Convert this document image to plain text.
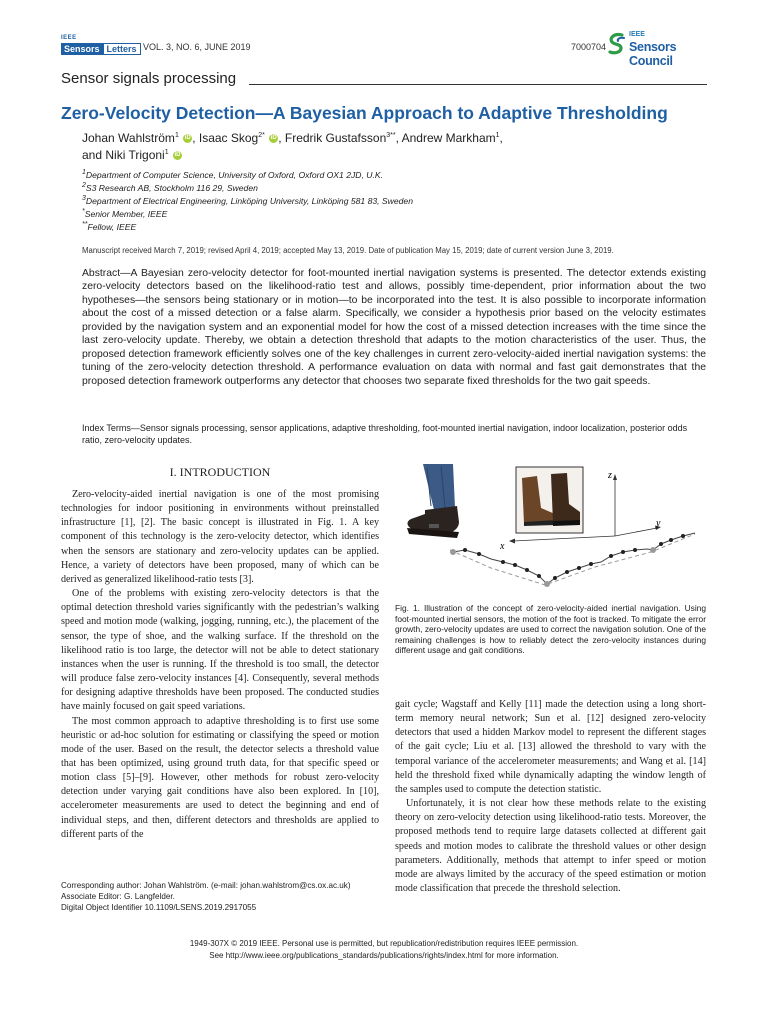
IEEE
Sensors Letters VOL. 3, NO. 6, JUNE 2019	7000704
IEEE
Sensors Council
Sensor signals processing
Zero-Velocity Detection—A Bayesian Approach to Adaptive Thresholding
Johan Wahlström$^1$ iD , Isaac Skog$^{2*}$ iD , Fredrik Gustafsson$^{3**}$, Andrew Markham$^1$,
and Niki Trigoni$^1$ iD
$^1$Department of Computer Science, University of Oxford, Oxford OX1 2JD, U.K.
$^2$S3 Research AB, Stockholm 116 29, Sweden
$^3$Department of Electrical Engineering, Linköping University, Linköping 581 83, Sweden
*Senior Member, IEEE
**Fellow, IEEE
Manuscript received March 7, 2019; revised April 4, 2019; accepted May 13, 2019. Date of publication May 15, 2019; date of current version June 3, 2019.
Abstract—A Bayesian zero-velocity detector for foot-mounted inertial navigation systems is presented. The detector extends existing zero-velocity detectors based on the likelihood-ratio test and allows, possibly time-dependent, prior information about the two hypotheses—the sensors being stationary or in motion—to be incorporated into the test. It is also possible to incorporate information about the cost of a missed detection or a false alarm. Specifically, we consider a hypothesis prior based on the velocity estimates provided by the navigation system and an exponential model for how the cost of a missed detection increases with the time since the last zero-velocity update. Thereby, we obtain a detection threshold that adapts to the motion characteristics of the user. Thus, the proposed detection framework efficiently solves one of the key challenges in current zero-velocity-aided inertial navigation systems: the tuning of the zero-velocity detection threshold. A performance evaluation on data with normal and fast gait demonstrates that the proposed detection framework outperforms any detector that chooses two separate fixed thresholds for the two gait speeds.
Index Terms—Sensor signals processing, sensor applications, adaptive thresholding, foot-mounted inertial navigation, indoor localization, posterior odds ratio, zero-velocity updates.
I. INTRODUCTION

Zero-velocity-aided inertial navigation is one of the most promising technologies for indoor positioning in environments without preinstalled infrastructure [1], [2]. The basic concept is illustrated in Fig. 1. A key component of this technology is the zero-velocity detector, which identifies when the sensors are stationary and zero-velocity updates can be applied. Hence, a variety of detectors have been proposed, many of which can be derived as generalized likelihood-ratio tests [3].

One of the problems with existing zero-velocity detectors is that the optimal detection threshold varies significantly with the pedestrian’s walking speed and motion mode (walking, jogging, running, etc.), the placement of the sensor, the type of shoe, and the walking surface. If the threshold on the likelihood ratio is too large, the detector will not be able to detect stationary instances when the user is running. If the threshold is too small, the detector will produce false zero-velocity instances [4]. Consequently, several methods for designing adaptive thresholds have been proposed. The conducted studies have mainly focused on gait speed variations.

The most common approach to adaptive thresholding is to first use some heuristic or ad-hoc solution for estimating or classifying the speed or motion mode of the user. Based on the result, the detector selects a threshold value that has been optimized, using ground truth data, for that specific speed or motion class [5]–[9]. However, other methods for robust zero-velocity detection under varying gait conditions have also been explored. In [10], accelerometer measurements are used to detect the beginning and end of individual steps, and then, different detectors and thresholds are applied to different parts of the

Corresponding author: Johan Wahlström. (e-mail: johan.wahlstrom@cs.ox.ac.uk)
Associate Editor: G. Langfelder.
Digital Object Identifier 10.1109/LSENS.2019.2917055
z
y
x
Fig. 1. Illustration of the concept of zero-velocity-aided inertial navigation. Using foot-mounted inertial sensors, the motion of the foot is tracked. To mitigate the error growth, zero-velocity updates are used to correct the navigation solution. One of the remaining challenges is how to reliably detect the zero-velocity instances during different usage and gait conditions.

gait cycle; Wagstaff and Kelly [11] made the detection using a long short-term memory neural network; Sun et al. [12] designed zero-velocity detectors that used a hidden Markov model to represent the different stages of the gait cycle; Liu et al. [13] allowed the threshold to vary with the temporal variance of the accelerometer measurements; and Wang et al. [14] held the threshold fixed while dynamically adapting the window length of the samples used to compute the detection statistic.

Unfortunately, it is not clear how these methods relate to the existing theory on zero-velocity detection using likelihood-ratio tests. Moreover, the proposed methods tend to require large datasets collected at different gait speeds and motion modes to calibrate the threshold values or other design parameters. Additionally, methods that attempt to infer speed or motion mode are always limited by the accuracy of the speed estimation or motion mode classification that precede the threshold selection.

1949-307X © 2019 IEEE. Personal use is permitted, but republication/redistribution requires IEEE permission.
See http://www.ieee.org/publications_standards/publications/rights/index.html for more information.
